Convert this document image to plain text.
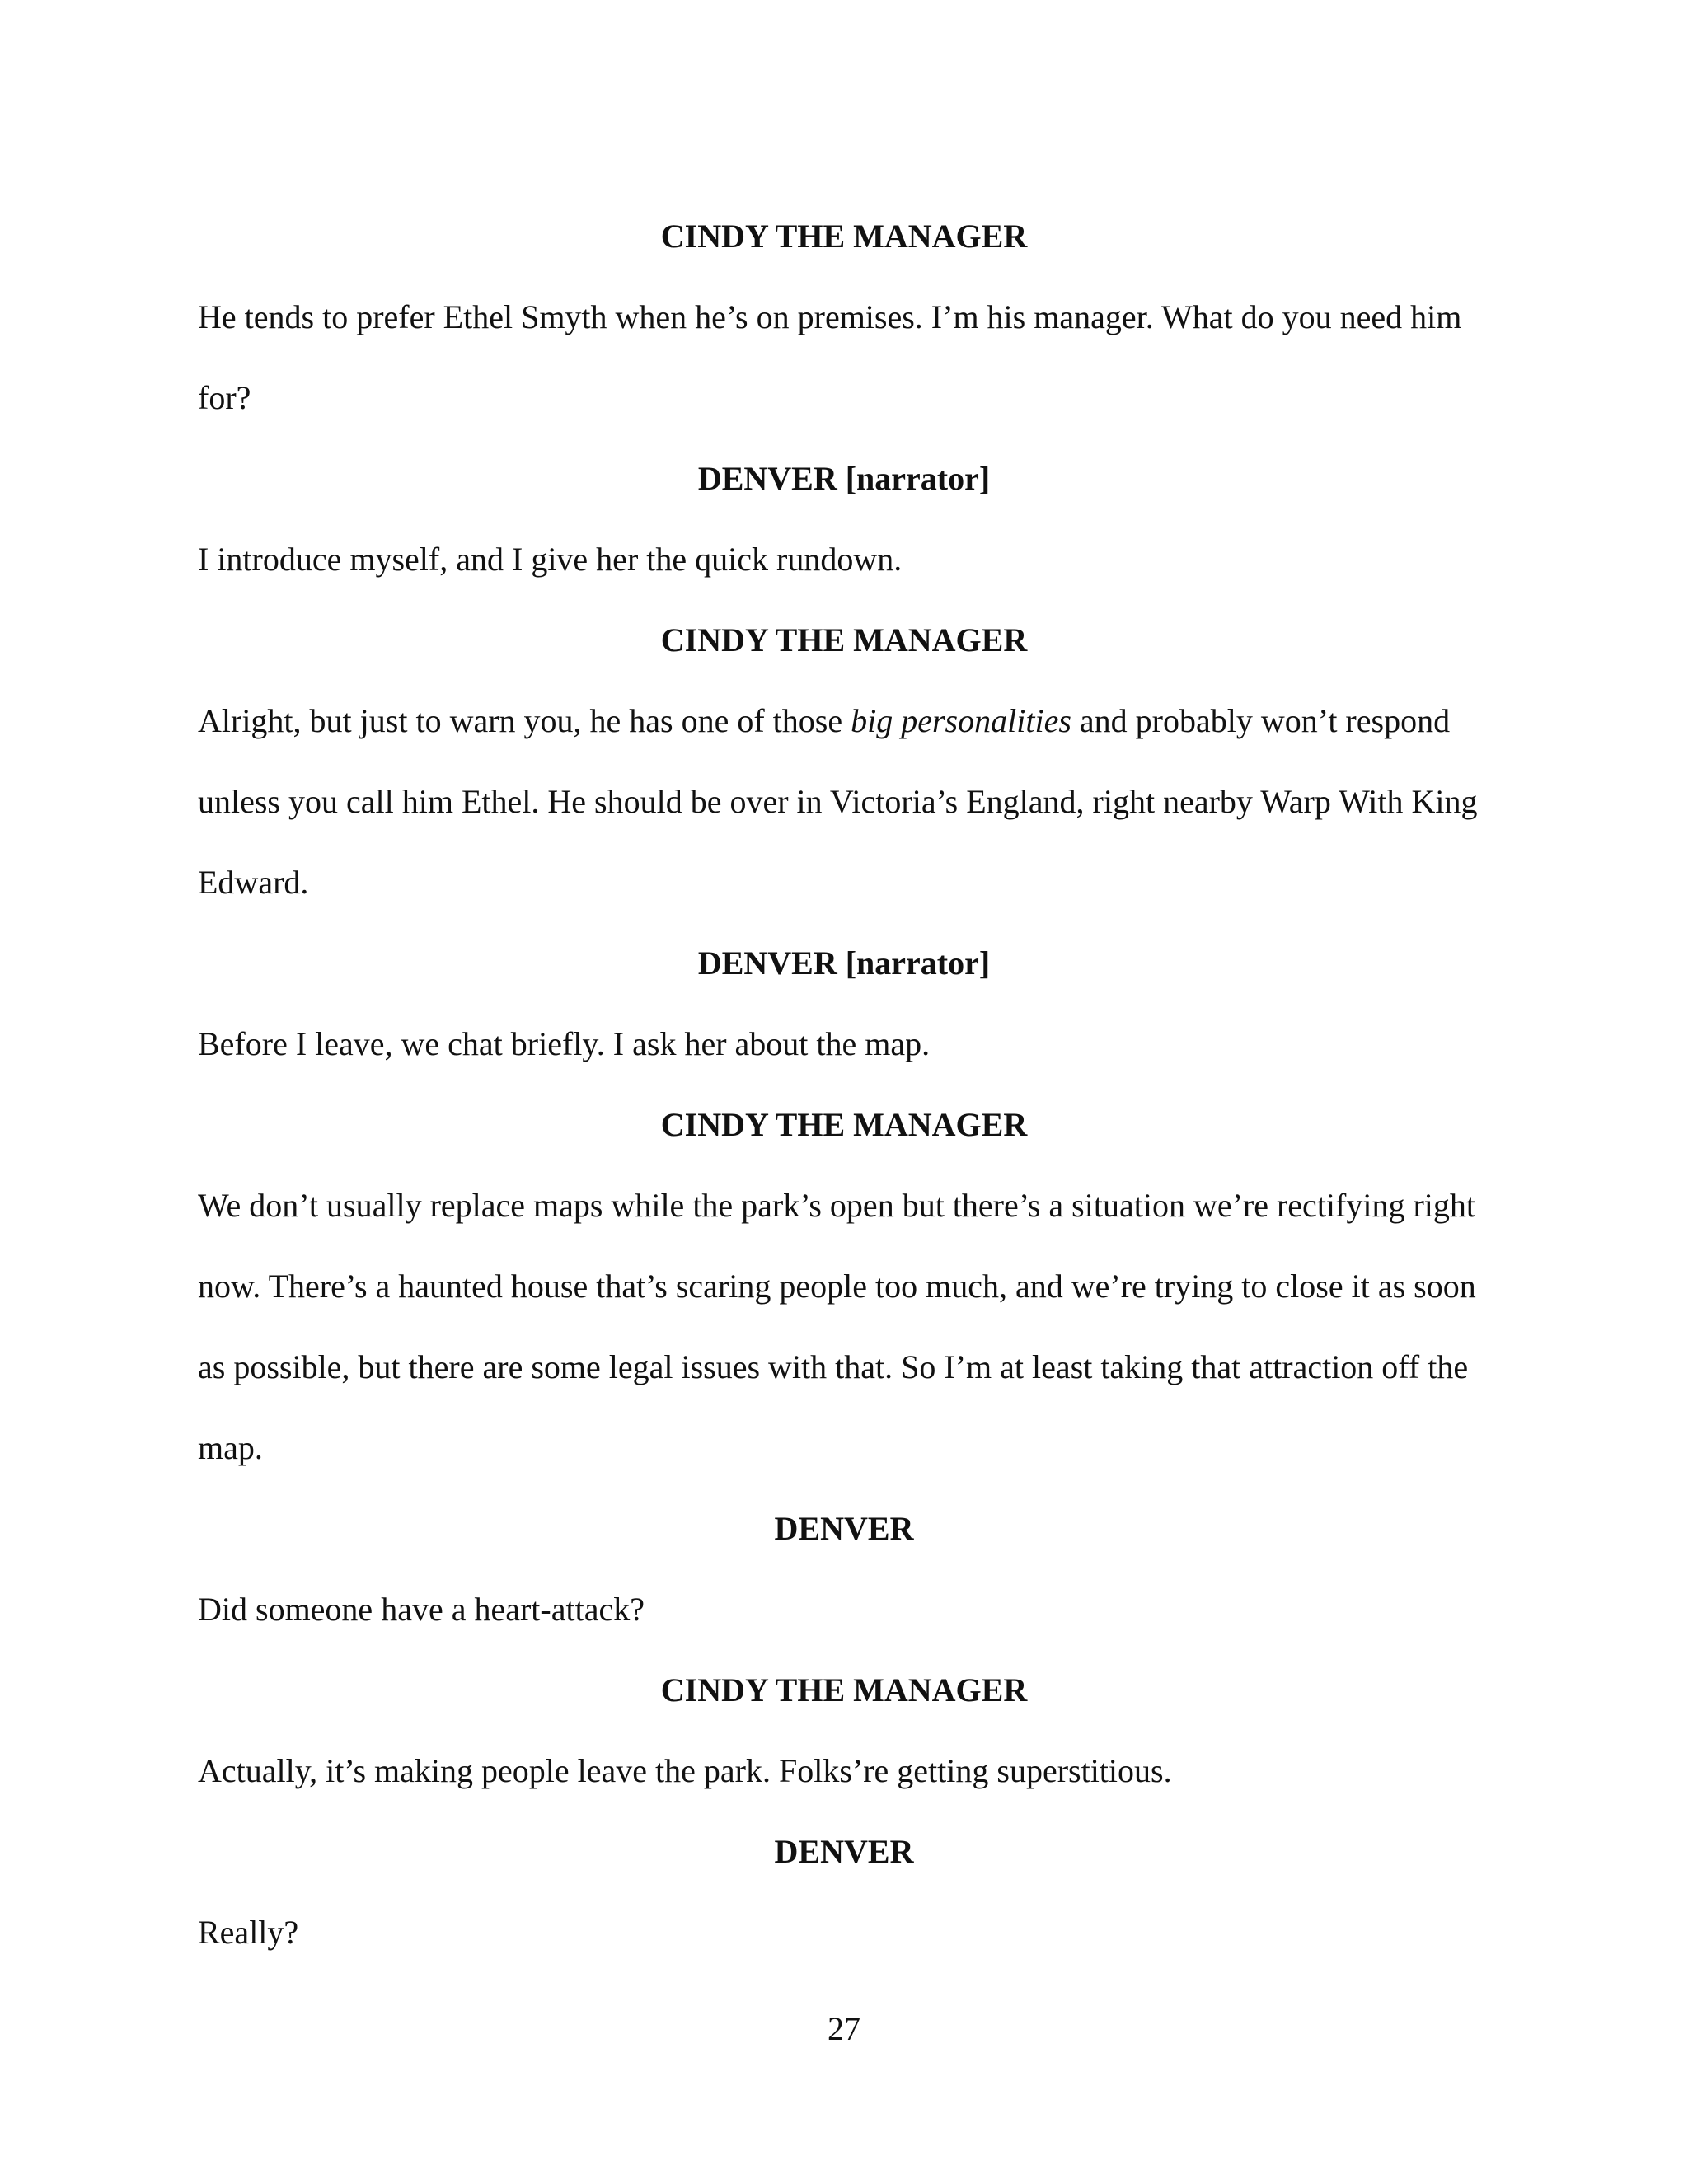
CINDY THE MANAGER

He tends to prefer Ethel Smyth when he’s on premises. I’m his manager. What do you need him

for?

DENVER [narrator]

I introduce myself, and I give her the quick rundown.

CINDY THE MANAGER

Alright, but just to warn you, he has one of those big personalities and probably won’t respond

unless you call him Ethel. He should be over in Victoria’s England, right nearby Warp With King

Edward.

DENVER [narrator]

Before I leave, we chat briefly. I ask her about the map.

CINDY THE MANAGER

We don’t usually replace maps while the park’s open but there’s a situation we’re rectifying right

now. There’s a haunted house that’s scaring people too much, and we’re trying to close it as soon

as possible, but there are some legal issues with that. So I’m at least taking that attraction off the

map.

DENVER

Did someone have a heart-attack?

CINDY THE MANAGER

Actually, it’s making people leave the park. Folks’re getting superstitious.

DENVER

Really?

27
